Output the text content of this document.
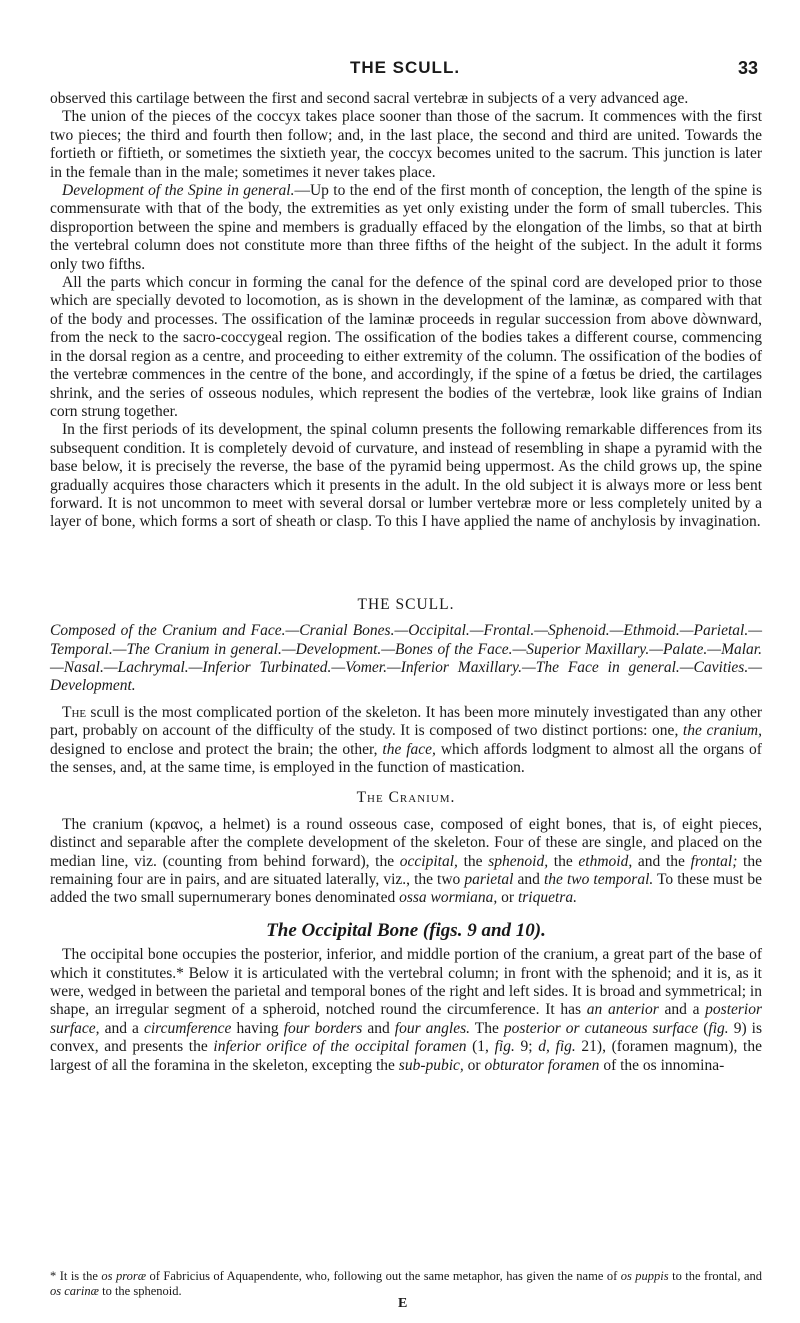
THE SCULL.	33

observed this cartilage between the first and second sacral vertebræ in subjects of a very advanced age.

The union of the pieces of the coccyx takes place sooner than those of the sacrum. It commences with the first two pieces; the third and fourth then follow; and, in the last place, the second and third are united. Towards the fortieth or fiftieth, or sometimes the sixtieth year, the coccyx becomes united to the sacrum. This junction is later in the female than in the male; sometimes it never takes place.

Development of the Spine in general.—Up to the end of the first month of conception, the length of the spine is commensurate with that of the body, the extremities as yet only existing under the form of small tubercles. This disproportion between the spine and members is gradually effaced by the elongation of the limbs, so that at birth the vertebral column does not constitute more than three fifths of the height of the subject. In the adult it forms only two fifths.

All the parts which concur in forming the canal for the defence of the spinal cord are developed prior to those which are specially devoted to locomotion, as is shown in the development of the laminæ, as compared with that of the body and processes. The ossification of the laminæ proceeds in regular succession from above dòwnward, from the neck to the sacro-coccygeal region. The ossification of the bodies takes a different course, commencing in the dorsal region as a centre, and proceeding to either extremity of the column. The ossification of the bodies of the vertebræ commences in the centre of the bone, and accordingly, if the spine of a fœtus be dried, the cartilages shrink, and the series of osseous nodules, which represent the bodies of the vertebræ, look like grains of Indian corn strung together.

In the first periods of its development, the spinal column presents the following remarkable differences from its subsequent condition. It is completely devoid of curvature, and instead of resembling in shape a pyramid with the base below, it is precisely the reverse, the base of the pyramid being uppermost. As the child grows up, the spine gradually acquires those characters which it presents in the adult. In the old subject it is always more or less bent forward. It is not uncommon to meet with several dorsal or lumber vertebræ more or less completely united by a layer of bone, which forms a sort of sheath or clasp. To this I have applied the name of anchylosis by invagination.

THE SCULL.

Composed of the Cranium and Face.—Cranial Bones.—Occipital.—Frontal.—Sphenoid.—Ethmoid.—Parietal.—Temporal.—The Cranium in general.—Development.—Bones of the Face.—Superior Maxillary.—Palate.—Malar.—Nasal.—Lachrymal.—Inferior Turbinated.—Vomer.—Inferior Maxillary.—The Face in general.—Cavities.—Development.

The scull is the most complicated portion of the skeleton. It has been more minutely investigated than any other part, probably on account of the difficulty of the study. It is composed of two distinct portions: one, the cranium, designed to enclose and protect the brain; the other, the face, which affords lodgment to almost all the organs of the senses, and, at the same time, is employed in the function of mastication.

The Cranium.

The cranium (κρανος, a helmet) is a round osseous case, composed of eight bones, that is, of eight pieces, distinct and separable after the complete development of the skeleton. Four of these are single, and placed on the median line, viz. (counting from behind forward), the occipital, the sphenoid, the ethmoid, and the frontal; the remaining four are in pairs, and are situated laterally, viz., the two parietal and the two temporal. To these must be added the two small supernumerary bones denominated ossa wormiana, or triquetra.

The Occipital Bone (figs. 9 and 10).

The occipital bone occupies the posterior, inferior, and middle portion of the cranium, a great part of the base of which it constitutes.* Below it is articulated with the vertebral column; in front with the sphenoid; and it is, as it were, wedged in between the parietal and temporal bones of the right and left sides. It is broad and symmetrical; in shape, an irregular segment of a spheroid, notched round the circumference. It has an anterior and a posterior surface, and a circumference having four borders and four angles. The posterior or cutaneous surface (fig. 9) is convex, and presents the inferior orifice of the occipital foramen (1, fig. 9; d, fig. 21), (foramen magnum), the largest of all the foramina in the skeleton, excepting the sub-pubic, or obturator foramen of the os innomina-

* It is the os proræ of Fabricius of Aquapendente, who, following out the same metaphor, has given the name of os puppis to the frontal, and os carinæ to the sphenoid.
E
